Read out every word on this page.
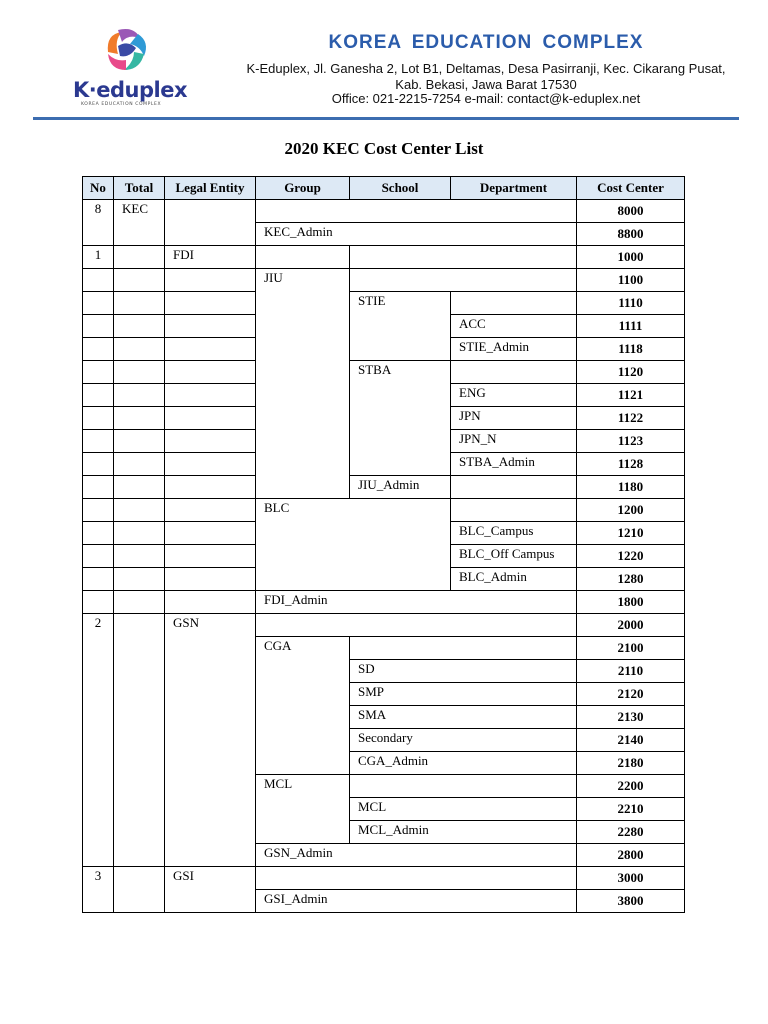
K·eduplex
KOREA EDUCATION COMPLEX
KOREA EDUCATION COMPLEX
K-Eduplex, Jl. Ganesha 2, Lot B1, Deltamas, Desa Pasirranji, Kec. Cikarang Pusat,
Kab. Bekasi, Jawa Barat 17530
Office: 021-2215-7254 e-mail: contact@k-eduplex.net
2020 KEC Cost Center List
No	Total	Legal Entity	Group	School	Department	Cost Center
8	KEC					8000
			KEC_Admin			8800
1		FDI				1000
			JIU			1100
				STIE		1110
					ACC	1111
					STIE_Admin	1118
				STBA		1120
					ENG	1121
					JPN	1122
					JPN_N	1123
					STBA_Admin	1128
				JIU_Admin		1180
			BLC			1200
					BLC_Campus	1210
					BLC_Off Campus	1220
					BLC_Admin	1280
			FDI_Admin			1800
2		GSN				2000
			CGA			2100
				SD		2110
				SMP		2120
				SMA		2130
				Secondary		2140
				CGA_Admin		2180
			MCL			2200
				MCL		2210
				MCL_Admin		2280
			GSN_Admin			2800
3		GSI				3000
			GSI_Admin			3800
